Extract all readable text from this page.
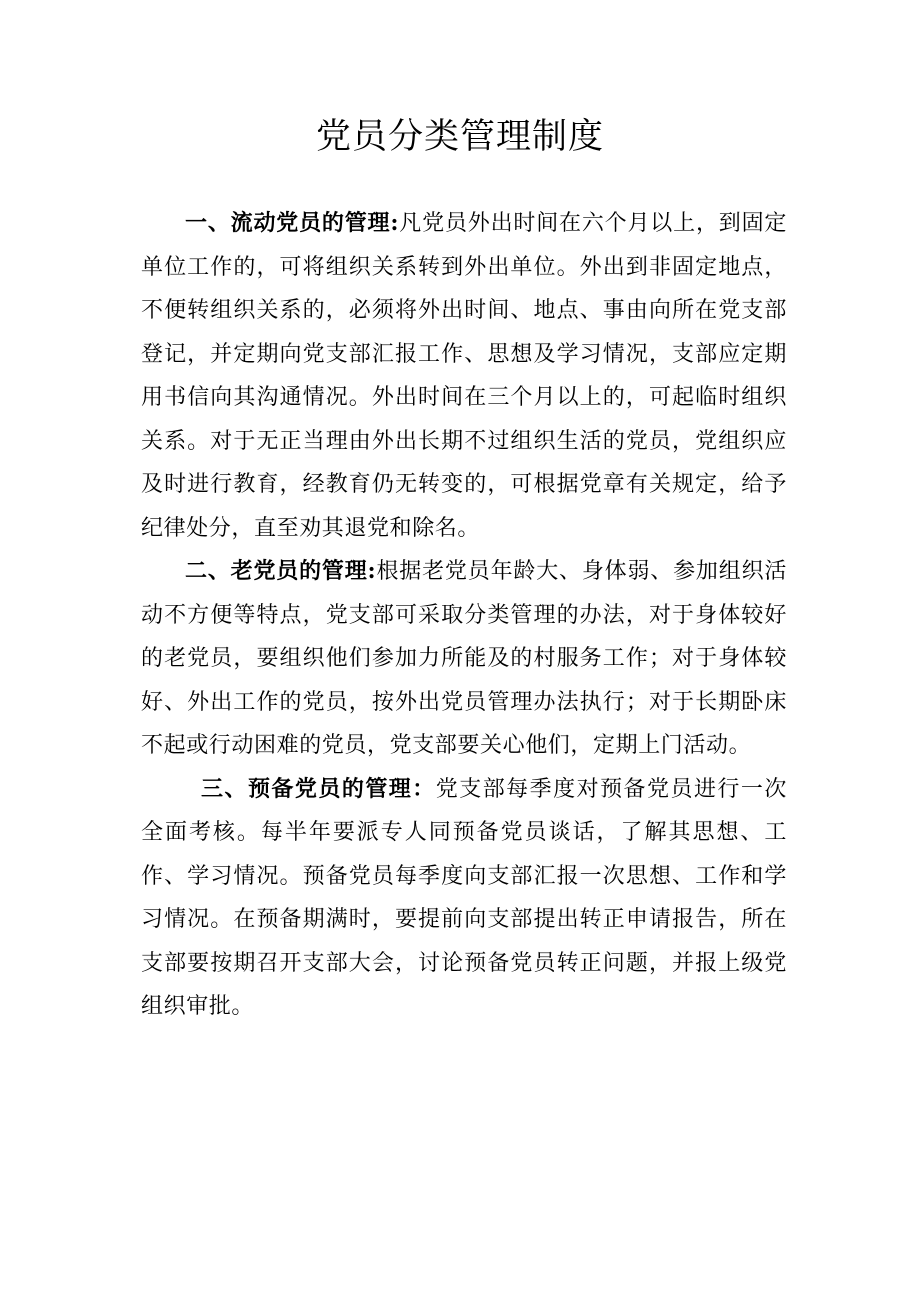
党员分类管理制度

一、流动党员的管理:凡党员外出时间在六个月以上，到固定单位工作的，可将组织关系转到外出单位。外出到非固定地点，不便转组织关系的，必须将外出时间、地点、事由向所在党支部登记，并定期向党支部汇报工作、思想及学习情况，支部应定期用书信向其沟通情况。外出时间在三个月以上的，可起临时组织关系。对于无正当理由外出长期不过组织生活的党员，党组织应及时进行教育，经教育仍无转变的，可根据党章有关规定，给予纪律处分，直至劝其退党和除名。

二、老党员的管理:根据老党员年龄大、身体弱、参加组织活动不方便等特点，党支部可采取分类管理的办法，对于身体较好的老党员，要组织他们参加力所能及的村服务工作；对于身体较好、外出工作的党员，按外出党员管理办法执行；对于长期卧床不起或行动困难的党员，党支部要关心他们，定期上门活动。

三、预备党员的管理：党支部每季度对预备党员进行一次全面考核。每半年要派专人同预备党员谈话，了解其思想、工作、学习情况。预备党员每季度向支部汇报一次思想、工作和学习情况。在预备期满时，要提前向支部提出转正申请报告，所在支部要按期召开支部大会，讨论预备党员转正问题，并报上级党组织审批。
